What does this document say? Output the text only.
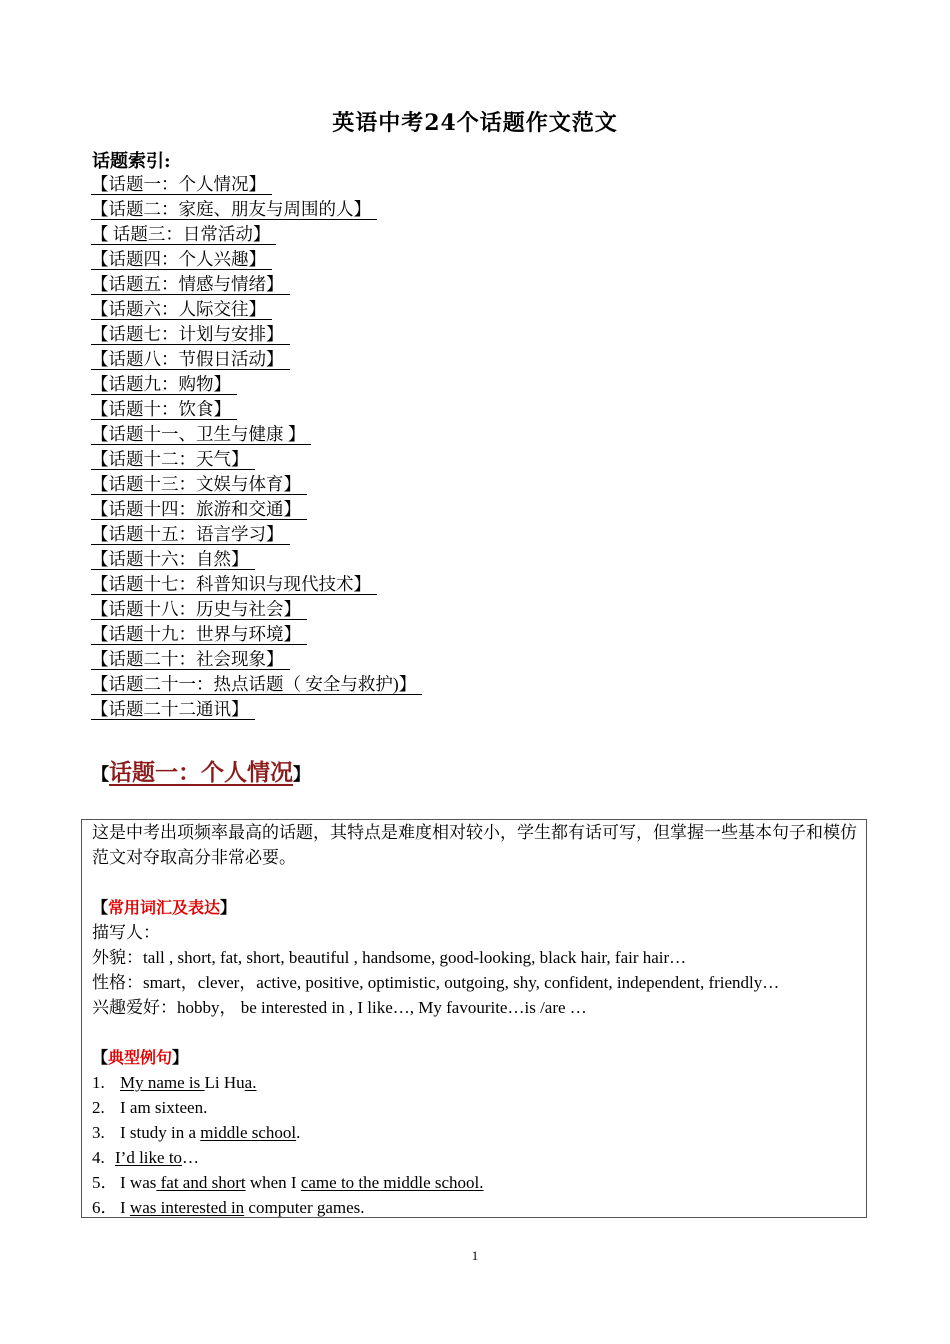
英语中考24个话题作文范文
话题索引:
【话题一：个人情况】
【话题二：家庭、朋友与周围的人】
【 话题三：日常活动】
【话题四：个人兴趣】
【话题五：情感与情绪】
【话题六：人际交往】
【话题七：计划与安排】
【话题八：节假日活动】
【话题九：购物】
【话题十：饮食】
【话题十一、卫生与健康 】
【话题十二：天气】
【话题十三：文娱与体育】
【话题十四：旅游和交通】
【话题十五：语言学习】
【话题十六：自然】
【话题十七：科普知识与现代技术】
【话题十八：历史与社会】
【话题十九：世界与环境】
【话题二十：社会现象】
【话题二十一：热点话题（ 安全与救护)】
【话题二十二通讯】
【话题一：个人情况】
这是中考出项频率最高的话题，其特点是难度相对较小，学生都有话可写，但掌握一些基本句子和模仿范文对夺取高分非常必要。
【常用词汇及表达】
描写人：
外貌：tall , short, fat, short, beautiful , handsome, good-looking, black hair, fair hair…
性格：smart，clever，active, positive, optimistic, outgoing, shy, confident, independent, friendly…
兴趣爱好：hobby， be interested in , I like…, My favourite…is /are …
【典型例句】
1. My name is Li Hua.
2. I am sixteen.
3. I study in a middle school.
4. I’d like to…
5． I was fat and short when I came to the middle school.
6． I was interested in computer games.
1
